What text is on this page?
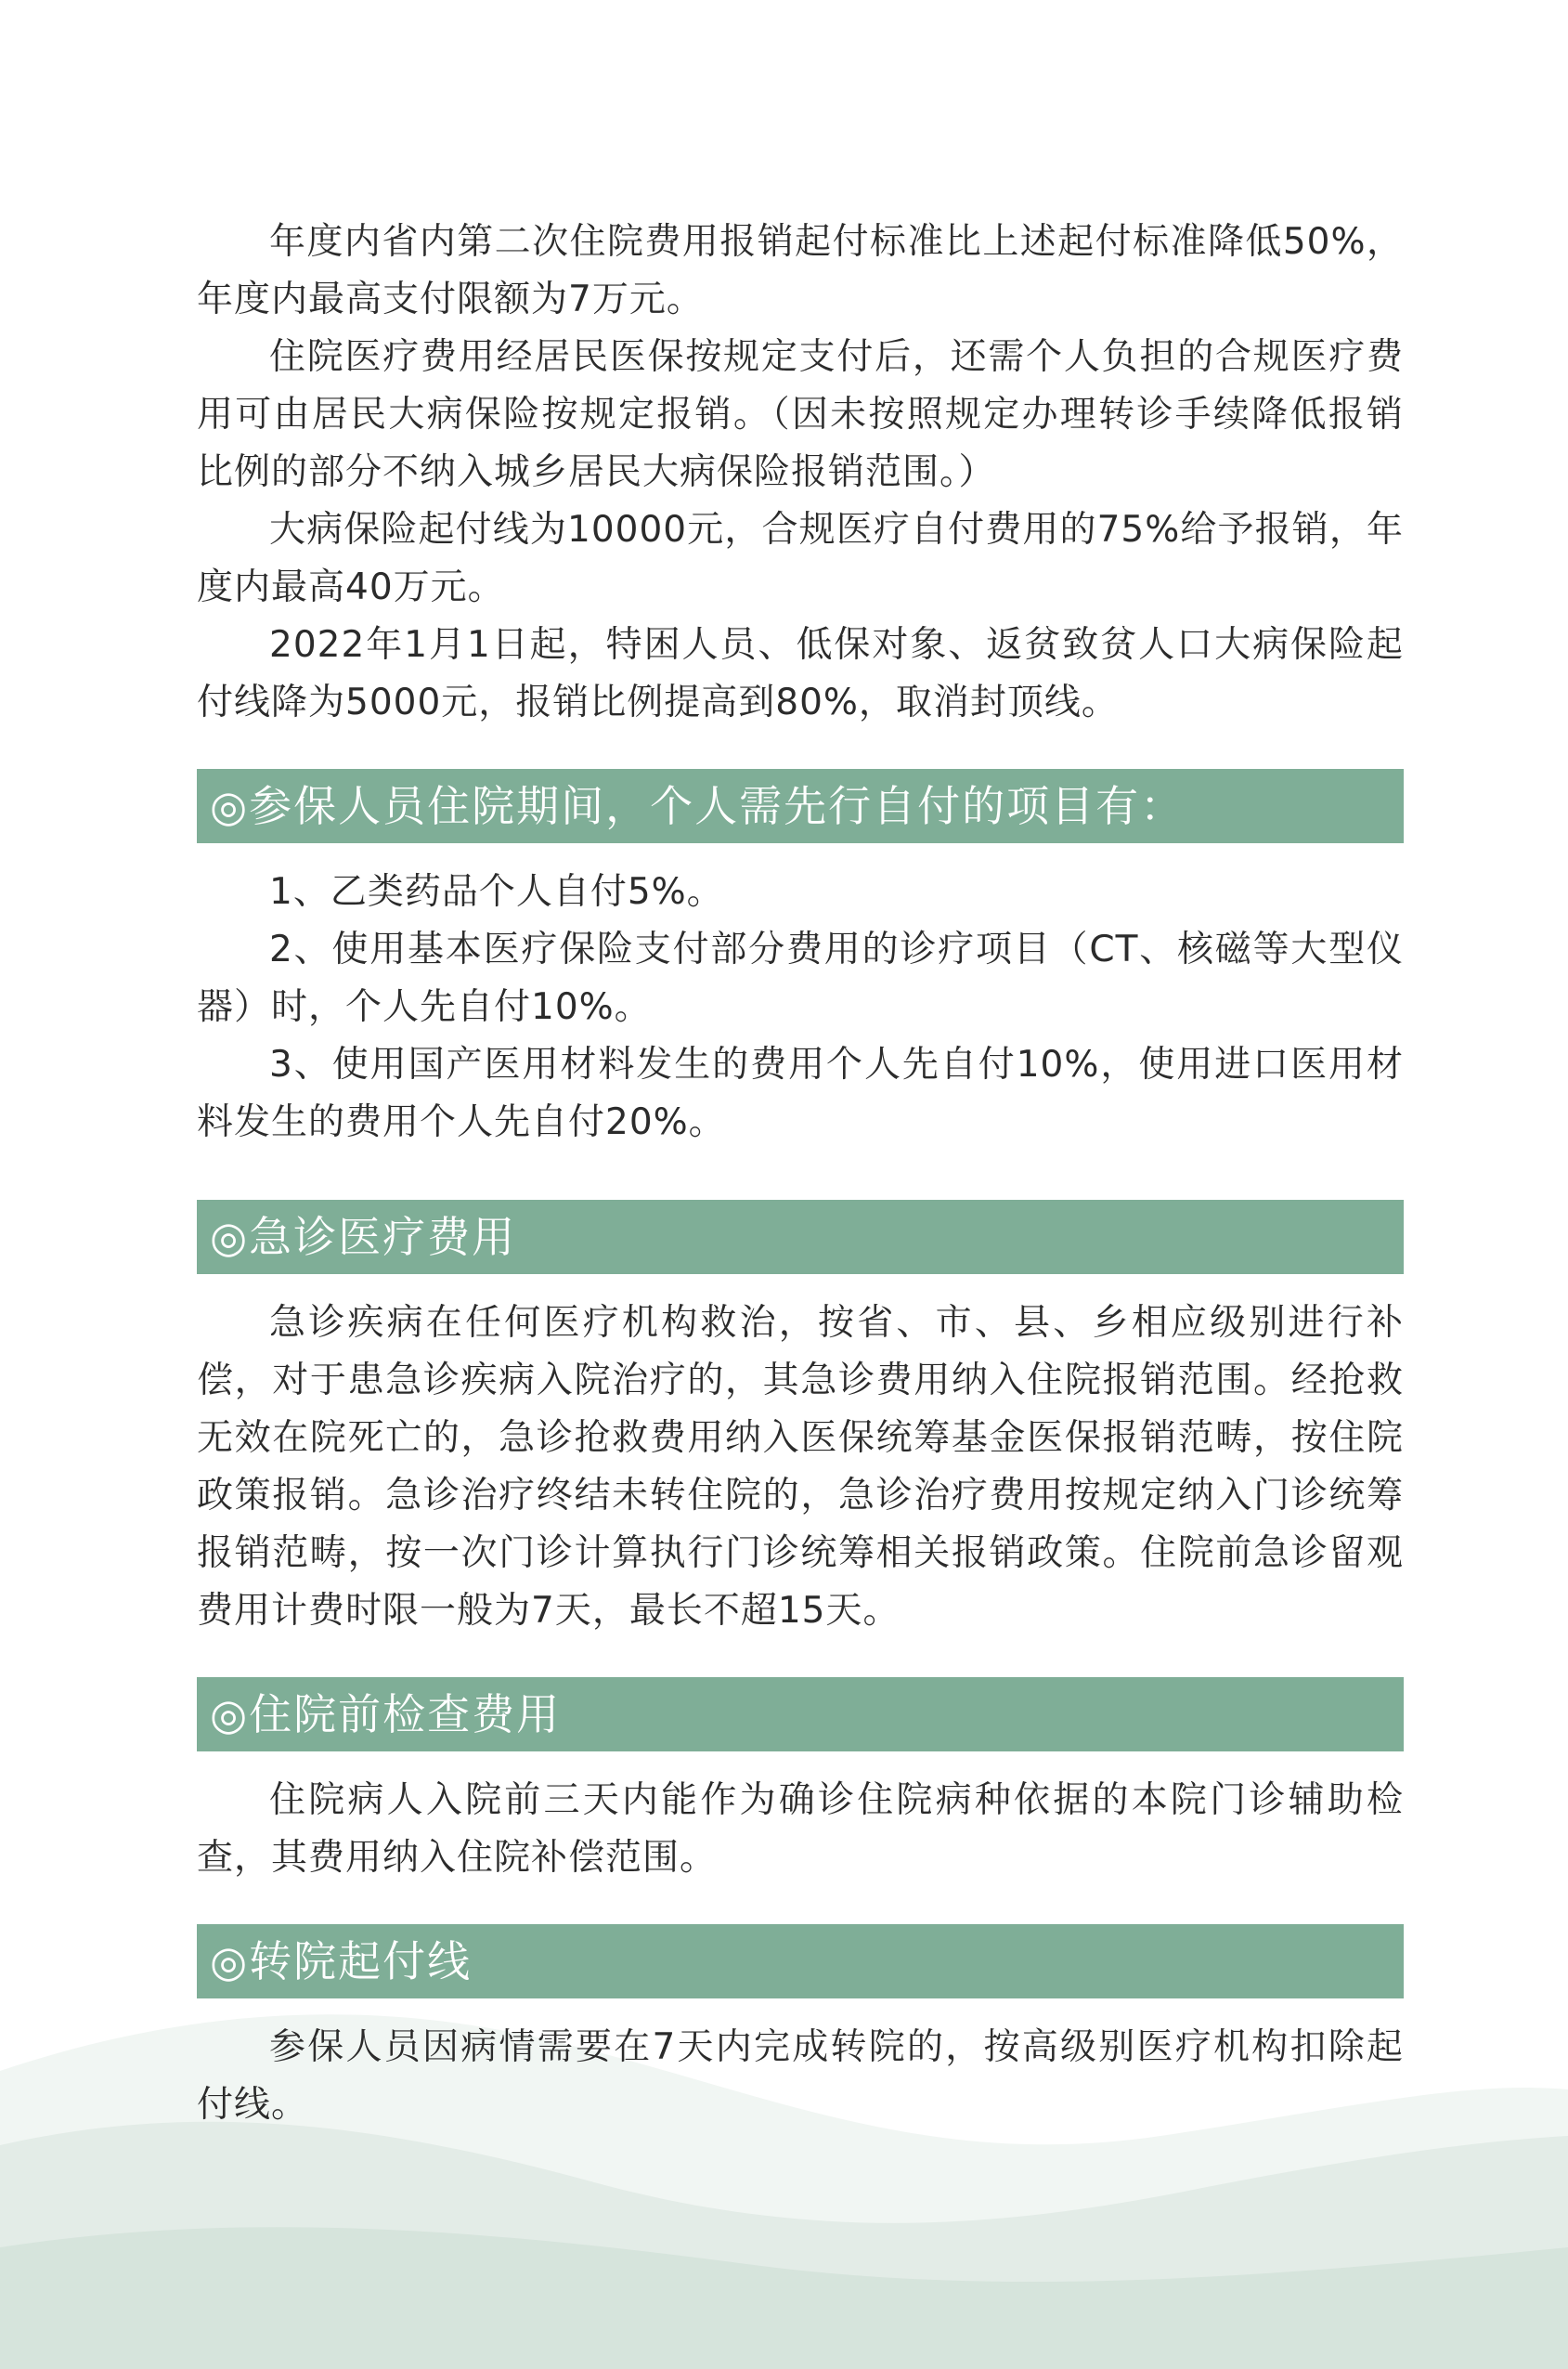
年度内省内第二次住院费用报销起付标准比上述起付标准降低50%，年度内最高支付限额为7万元。

住院医疗费用经居民医保按规定支付后，还需个人负担的合规医疗费用可由居民大病保险按规定报销。（因未按照规定办理转诊手续降低报销比例的部分不纳入城乡居民大病保险报销范围。）

大病保险起付线为10000元，合规医疗自付费用的75%给予报销，年度内最高40万元。

2022年1月1日起，特困人员、低保对象、返贫致贫人口大病保险起付线降为5000元，报销比例提高到80%，取消封顶线。

◎参保人员住院期间，个人需先行自付的项目有：

1、乙类药品个人自付5%。

2、使用基本医疗保险支付部分费用的诊疗项目（CT、核磁等大型仪器）时，个人先自付10%。

3、使用国产医用材料发生的费用个人先自付10%，使用进口医用材料发生的费用个人先自付20%。

◎急诊医疗费用

急诊疾病在任何医疗机构救治，按省、市、县、乡相应级别进行补偿，对于患急诊疾病入院治疗的，其急诊费用纳入住院报销范围。经抢救无效在院死亡的，急诊抢救费用纳入医保统筹基金医保报销范畴，按住院政策报销。急诊治疗终结未转住院的，急诊治疗费用按规定纳入门诊统筹报销范畴，按一次门诊计算执行门诊统筹相关报销政策。住院前急诊留观费用计费时限一般为7天，最长不超15天。

◎住院前检查费用

住院病人入院前三天内能作为确诊住院病种依据的本院门诊辅助检查，其费用纳入住院补偿范围。

◎转院起付线

参保人员因病情需要在7天内完成转院的，按高级别医疗机构扣除起付线。
